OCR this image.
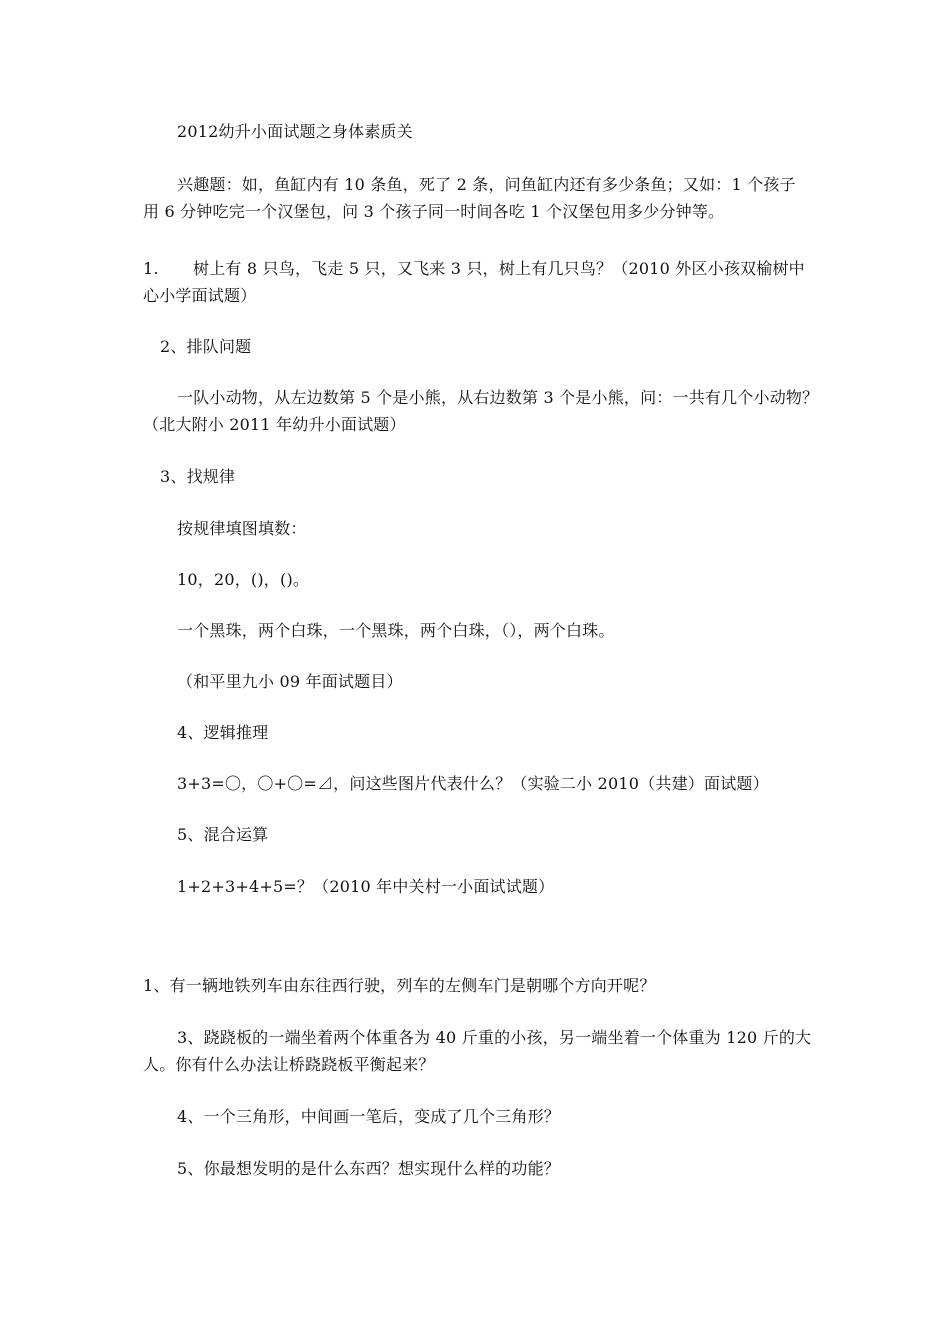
2012幼升小面试题之身体素质关
兴趣题：如，鱼缸内有 10 条鱼，死了 2 条，问鱼缸内还有多少条鱼；又如：1 个孩子
用 6 分钟吃完一个汉堡包，问 3 个孩子同一时间各吃 1 个汉堡包用多少分钟等。
1. 树上有 8 只鸟，飞走 5 只，又飞来 3 只，树上有几只鸟？（2010 外区小孩双榆树中
心小学面试题）
2、排队问题
一队小动物，从左边数第 5 个是小熊，从右边数第 3 个是小熊，问：一共有几个小动物？
（北大附小 2011 年幼升小面试题）
3、找规律
按规律填图填数：
10，20，()，()。
一个黑珠，两个白珠，一个黑珠，两个白珠，（），两个白珠。
（和平里九小 09 年面试题目）
4、逻辑推理
3+3=〇，〇+〇=⊿，问这些图片代表什么？（实验二小 2010（共建）面试题）
5、混合运算
1+2+3+4+5=？（2010 年中关村一小面试试题）
1、有一辆地铁列车由东往西行驶，列车的左侧车门是朝哪个方向开呢？
3、跷跷板的一端坐着两个体重各为 40 斤重的小孩，另一端坐着一个体重为 120 斤的大
人。你有什么办法让桥跷跷板平衡起来？
4、一个三角形，中间画一笔后，变成了几个三角形？
5、你最想发明的是什么东西？想实现什么样的功能？
